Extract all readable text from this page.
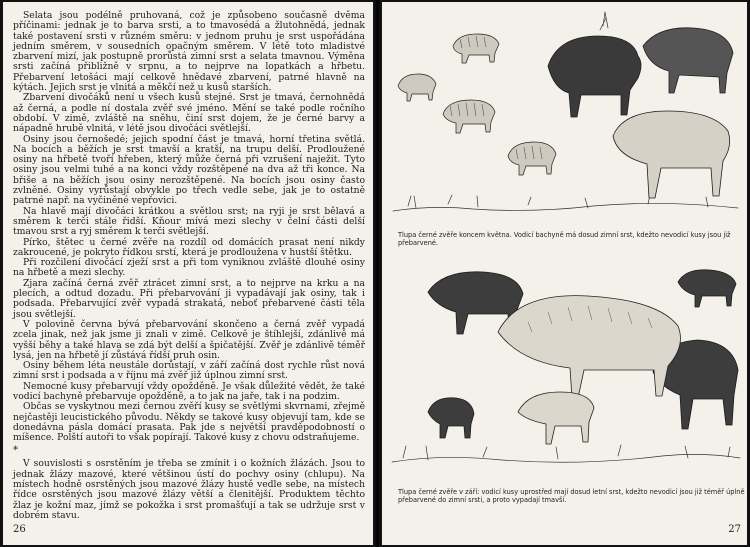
Selata jsou podélně pruhovaná, což je způsobeno současně dvěma příčinami: jednak je to barva srsti, a to tmavosédá a žlutohnědá, jednak také postavení srsti v různém směru: v jednom pruhu je srst uspořádána jedním směrem, v sousedních opačným směrem. V létě toto mladistvé zbarvení mizí, jak postupně prorůstá zimní srst a selata tmavnou. Výměna srsti začíná přibližně v srpnu, a to nejprve na lopatkách a hřbetu. Přebarvení letošáci mají celkově hnědavé zbarvení, patrné hlavně na kýtách. Jejich srst je vlnitá a měkčí než u kusů starších.

Zbarvení divočáků není u všech kusů stejné. Srst je tmavá, černohnědá až černá, a podle ní dostala zvěř své jméno. Mění se také podle ročního období. V zimě, zvláště na sněhu, činí srst dojem, že je černé barvy a nápadně hrubě vlnitá, v létě jsou divočáci světlejší.

Osiny jsou černošedé; jejich spodní část je tmavá, horní třetina světlá. Na bocích a běžích je srst tmavší a kratší, na trupu delší. Prodloužené osiny na hřbetě tvoří hřeben, který může černá při vzrušení naježit. Tyto osiny jsou velmi tuhé a na konci vždy rozštěpené na dva až tři konce. Na břiše a na běžích jsou osiny nerozštěpené. Na bocích jsou osiny často zvlněné. Osiny vyrůstají obvykle po třech vedle sebe, jak je to ostatně patrné např. na vyčiněné vepřovici.

Na hlavě mají divočáci krátkou a světlou srst; na ryji je srst bělavá a směrem k terči stále řidší. Kňour mívá mezi slechy v čelní části delší tmavou srst a ryj směrem k terči světlejší.

Pírko, štětec u černé zvěře na rozdíl od domácích prasat není nikdy zakroucené, je pokryto řídkou srstí, která je prodloužena v hustší štětku.

Při rozčilení divočácí zježí srst a při tom vyniknou zvláště dlouhé osiny na hřbetě a mezi slechy.

Zjara začíná černá zvěř ztrácet zimní srst, a to nejprve na krku a na plecích, a odtud dozadu. Při přebarvování ji vypadávají jak osiny, tak i podsada. Přebarvující zvěř vypadá strakatá, neboť přebarvené části těla jsou světlejší.

V polovině června bývá přebarvování skončeno a černá zvěř vypadá zcela jinak, než jak jsme ji znali v zimě. Celkově je štíhlejší, zdánlivě má vyšší běhy a také hlava se zdá být delší a špičatější. Zvěř je zdánlivě téměř lysá, jen na hřbetě jí zůstává řídší pruh osin.

Osiny během léta neustále dorůstají, v září začíná dost rychle růst nová zimní srst i podsada a v říjnu má zvěř již úplnou zimní srst.

Nemocné kusy přebarvují vždy opožděně. Je však důležité vědět, že také vodicí bachyně přebarvuje opožděně, a to jak na jaře, tak i na podzim.

Občas se vyskytnou mezi černou zvěří kusy se světlými skvrnami, zřejmě nejčastěji leucistického původu. Někdy se takové kusy objevují tam, kde se donedávna pásla domácí prasata. Pak jde s největší pravděpodobností o míšence. Polští autoři to však popírají. Takové kusy z chovu odstraňujeme.

*

V souvislosti s osrstěním je třeba se zmínit i o kožních žlázách. Jsou to jednak žlázy mazové, které většinou ústí do pochvy osiny (chlupu). Na místech hodně osrstěných jsou mazové žlázy hustě vedle sebe, na místech řídce osrstěných jsou mazové žlázy větší a členitější. Produktem těchto žlaz je kožní maz, jímž se pokožka i srst promašťují a tak se udržuje srst v dobrém stavu.

26
Tlupa černé zvěře koncem května. Vodicí bachyně má dosud zimní srst, kdežto nevodicí kusy jsou již přebarvené.
Tlupa černé zvěře v září: vodicí kusy uprostřed mají dosud letní srst, kdežto nevodicí jsou již téměř úplně přebarvené do zimní srsti, a proto vypadají tmavší.
27
